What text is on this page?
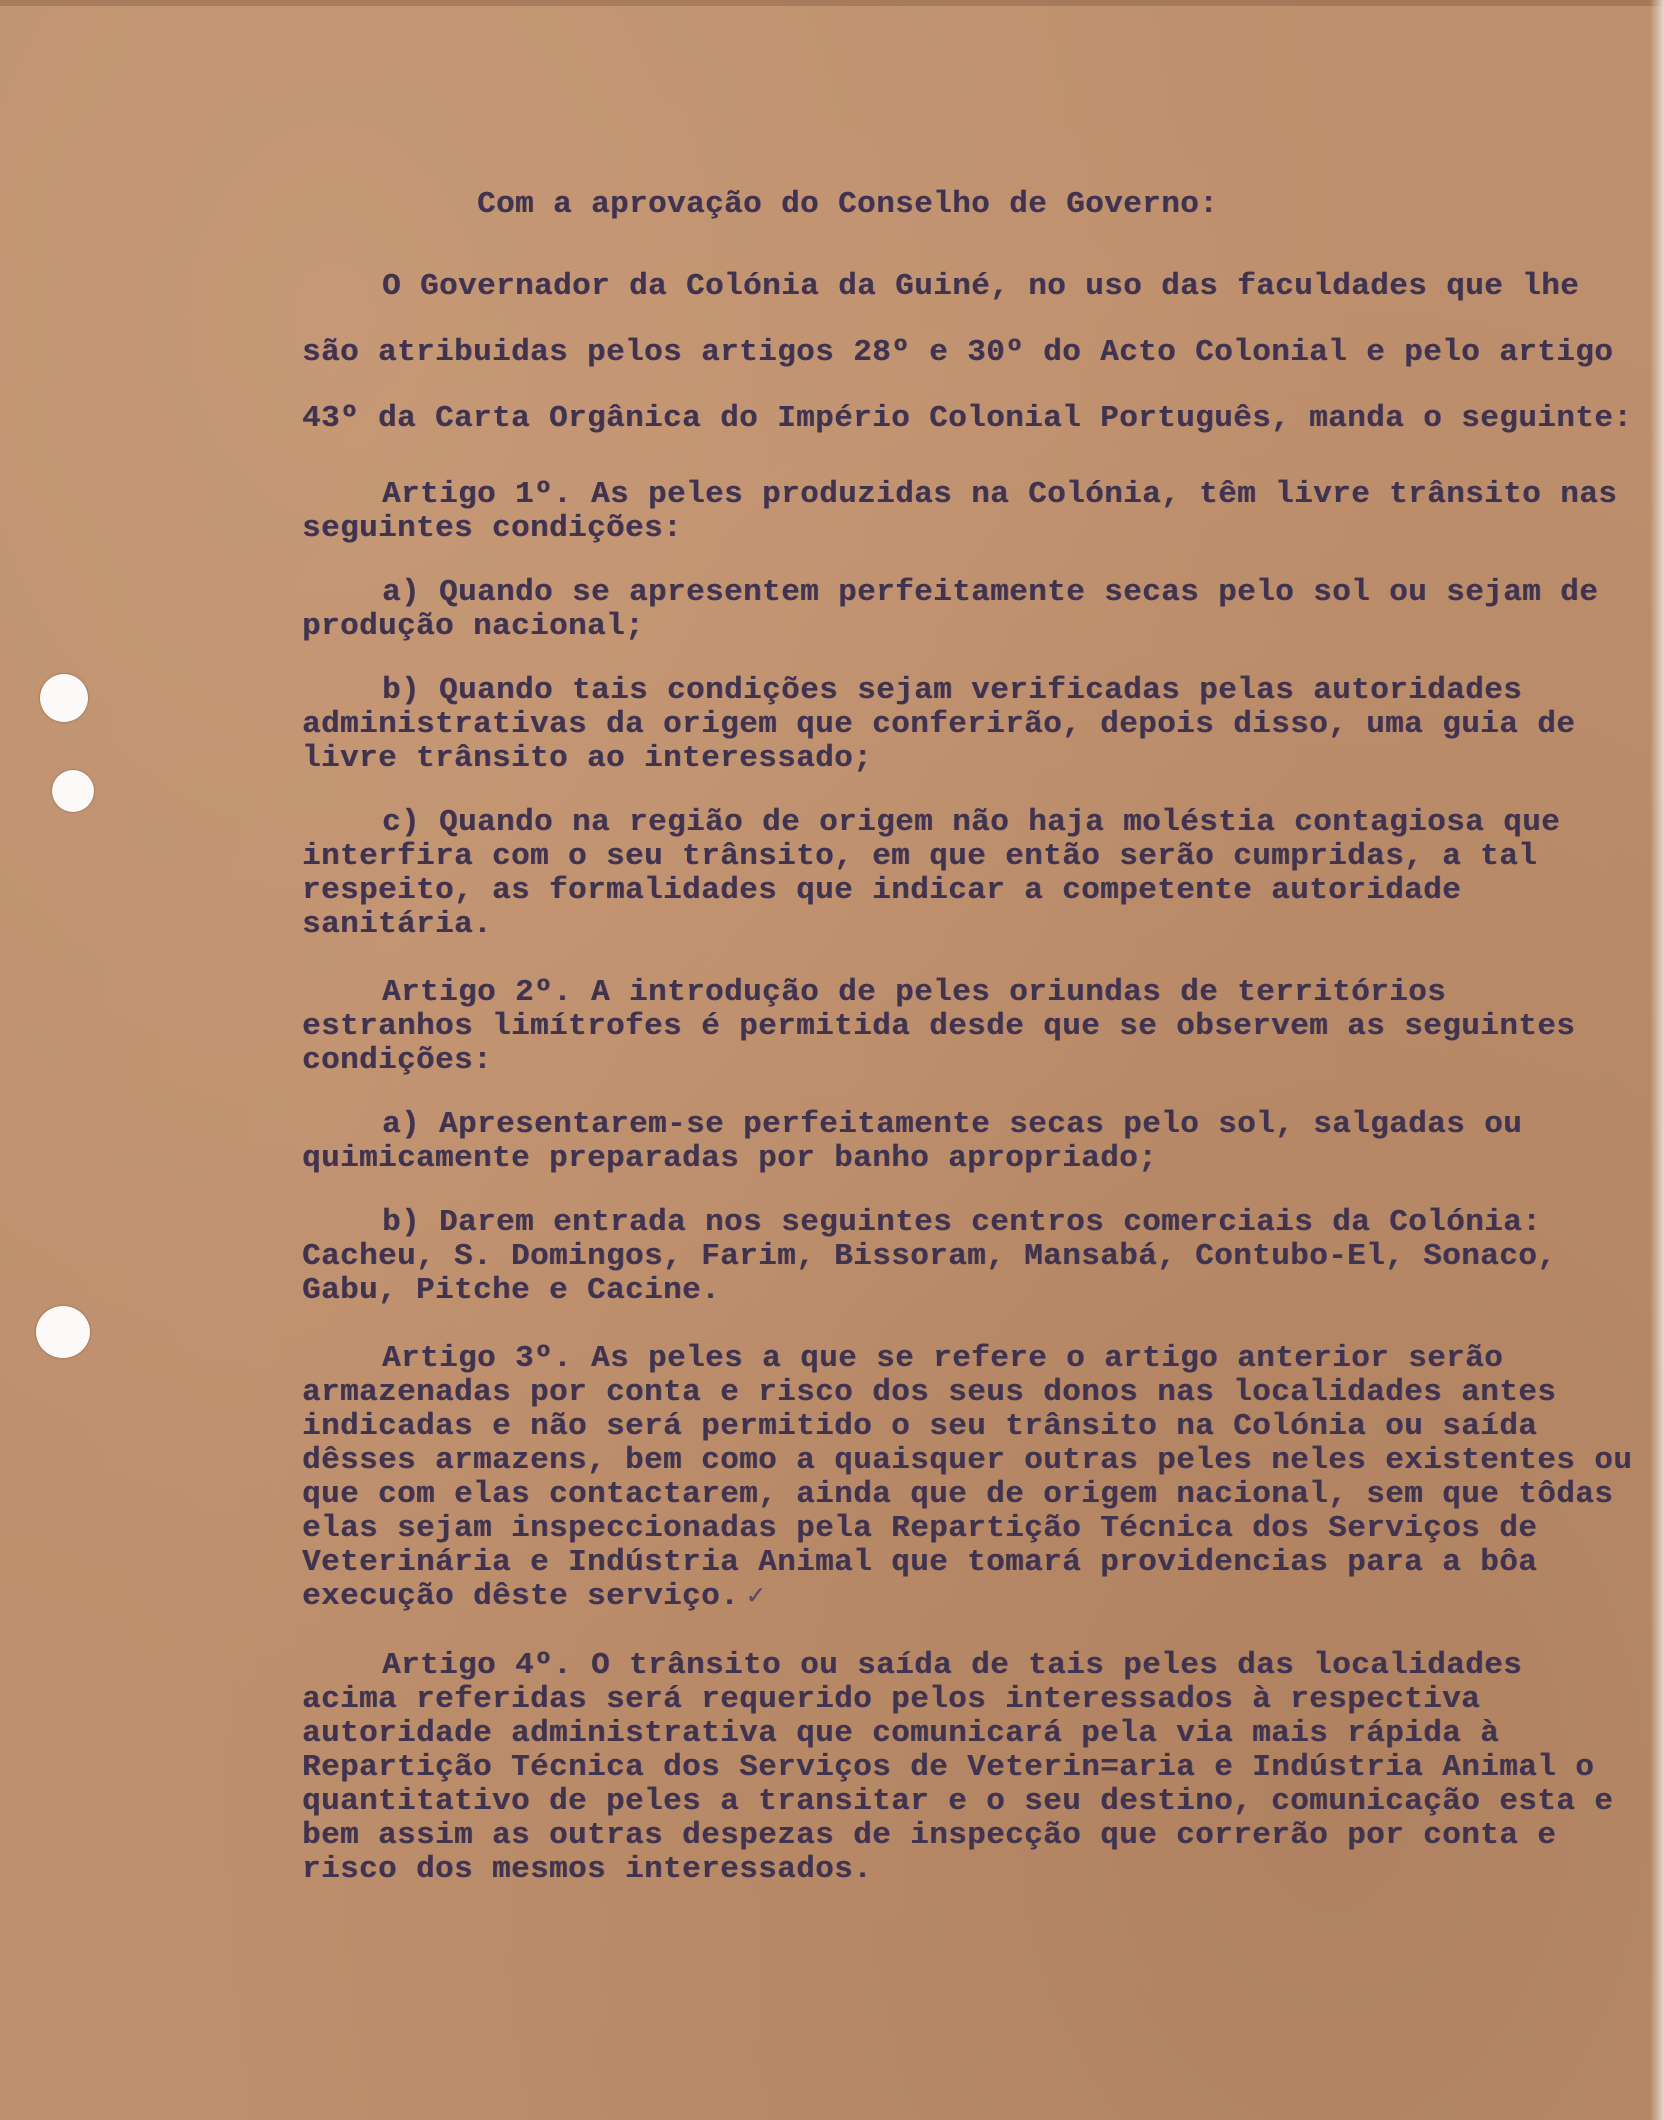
Com a aprovação do Conselho de Governo:

O Governador da Colónia da Guiné, no uso das faculdades que lhe são atribuidas pelos artigos 28º e 30º do Acto Colonial e pelo artigo 43º da Carta Orgânica do Império Colonial Português, manda o seguinte:

Artigo 1º. As peles produzidas na Colónia, têm livre trânsito nas seguintes condições:

a) Quando se apresentem perfeitamente secas pelo sol ou sejam de produção nacional;

b) Quando tais condições sejam verificadas pelas autoridades administrativas da origem que conferirão, depois disso, uma guia de livre trânsito ao interessado;

c) Quando na região de origem não haja moléstia contagiosa que interfira com o seu trânsito, em que então serão cumpridas, a tal respeito, as formalidades que indicar a competente autoridade sanitária.

Artigo 2º. A introdução de peles oriundas de territórios estranhos limítrofes é permitida desde que se observem as seguintes condições:

a) Apresentarem-se perfeitamente secas pelo sol, salgadas ou quimicamente preparadas por banho apropriado;

b) Darem entrada nos seguintes centros comerciais da Colónia: Cacheu, S. Domingos, Farim, Bissoram, Mansabá, Contubo-El, Sonaco, Gabu, Pitche e Cacine.

Artigo 3º. As peles a que se refere o artigo anterior serão armazenadas por conta e risco dos seus donos nas localidades antes indicadas e não será permitido o seu trânsito na Colónia ou saída dêsses armazens, bem como a quaisquer outras peles neles existentes ou que com elas contactarem, ainda que de origem nacional, sem que tôdas elas sejam inspeccionadas pela Repartição Técnica dos Serviços de Veterinária e Indústria Animal que tomará providencias para a bôa execução dêste serviço. ✓

Artigo 4º. O trânsito ou saída de tais peles das localidades acima referidas será requerido pelos interessados à respectiva autoridade administrativa que comunicará pela via mais rápida à Repartição Técnica dos Serviços de Veterin=aria e Indústria Animal o quantitativo de peles a transitar e o seu destino, comunicação esta e bem assim as outras despezas de inspecção que correrão por conta e risco dos mesmos interessados.
